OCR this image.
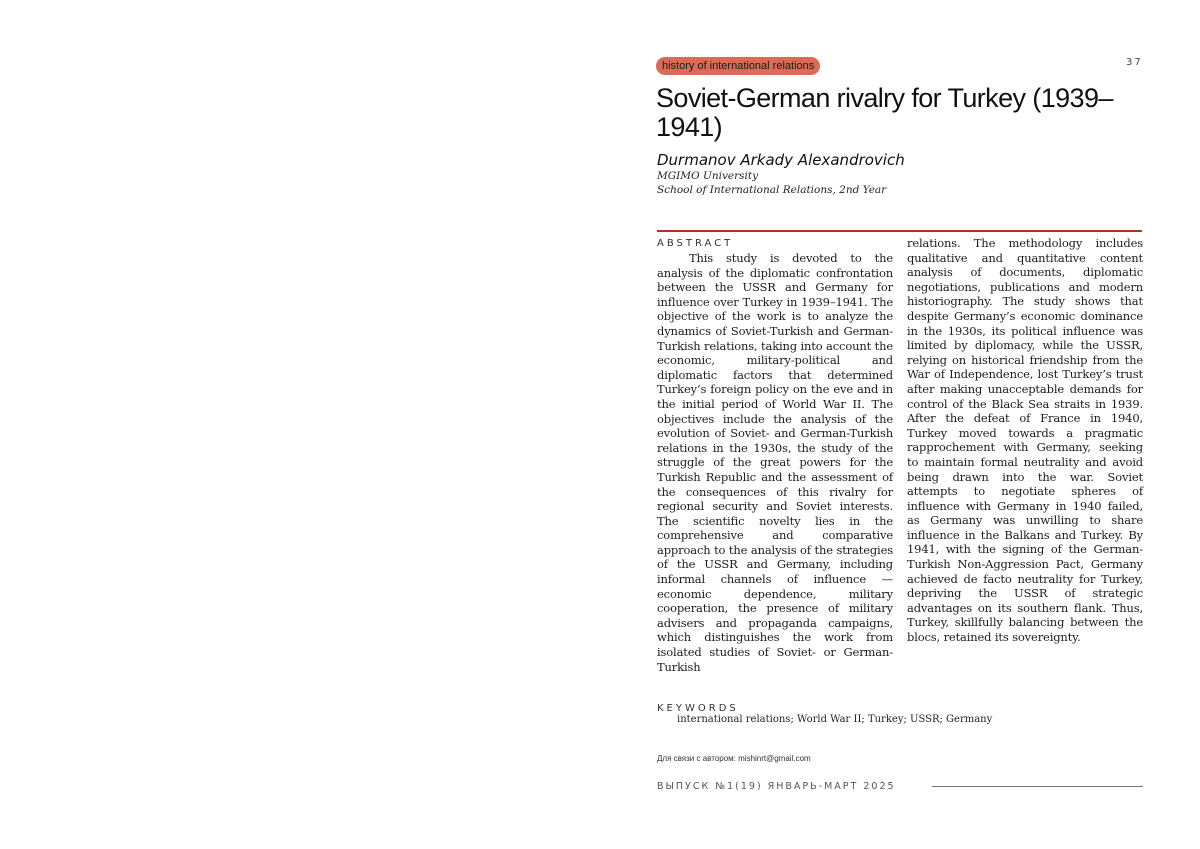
37
history of international relations
Soviet-German rivalry for Turkey (1939–1941)
Durmanov Arkady Alexandrovich
MGIMO University
School of International Relations, 2nd Year
ABSTRACT
This study is devoted to the analysis of the diplomatic confrontation between the USSR and Germany for influence over Turkey in 1939–1941. The objective of the work is to analyze the dynamics of Soviet-Turkish and German-Turkish relations, taking into account the economic, military-political and diplomatic factors that determined Turkey’s foreign policy on the eve and in the initial period of World War II. The objectives include the analysis of the evolution of Soviet- and German-Turkish relations in the 1930s, the study of the struggle of the great powers for the Turkish Republic and the assessment of the consequences of this rivalry for regional security and Soviet interests. The scientific novelty lies in the comprehensive and comparative approach to the analysis of the strategies of the USSR and Germany, including informal channels of influence — economic dependence, military cooperation, the presence of military advisers and propaganda campaigns, which distinguishes the work from isolated studies of Soviet- or German-Turkish
relations. The methodology includes qualitative and quantitative content analysis of documents, diplomatic negotiations, publications and modern historiography. The study shows that despite Germany’s economic dominance in the 1930s, its political influence was limited by diplomacy, while the USSR, relying on historical friendship from the War of Independence, lost Turkey’s trust after making unacceptable demands for control of the Black Sea straits in 1939. After the defeat of France in 1940, Turkey moved towards a pragmatic rapprochement with Germany, seeking to maintain formal neutrality and avoid being drawn into the war. Soviet attempts to negotiate spheres of influence with Germany in 1940 failed, as Germany was unwilling to share influence in the Balkans and Turkey. By 1941, with the signing of the German-Turkish Non-Aggression Pact, Germany achieved de facto neutrality for Turkey, depriving the USSR of strategic advantages on its southern flank. Thus, Turkey, skillfully balancing between the blocs, retained its sovereignty.
KEYWORDS
international relations; World War II; Turkey; USSR; Germany
Для связи с автором: mishinrt@gmail.com
ВЫПУСК №1(19) ЯНВАРЬ-МАРТ 2025
